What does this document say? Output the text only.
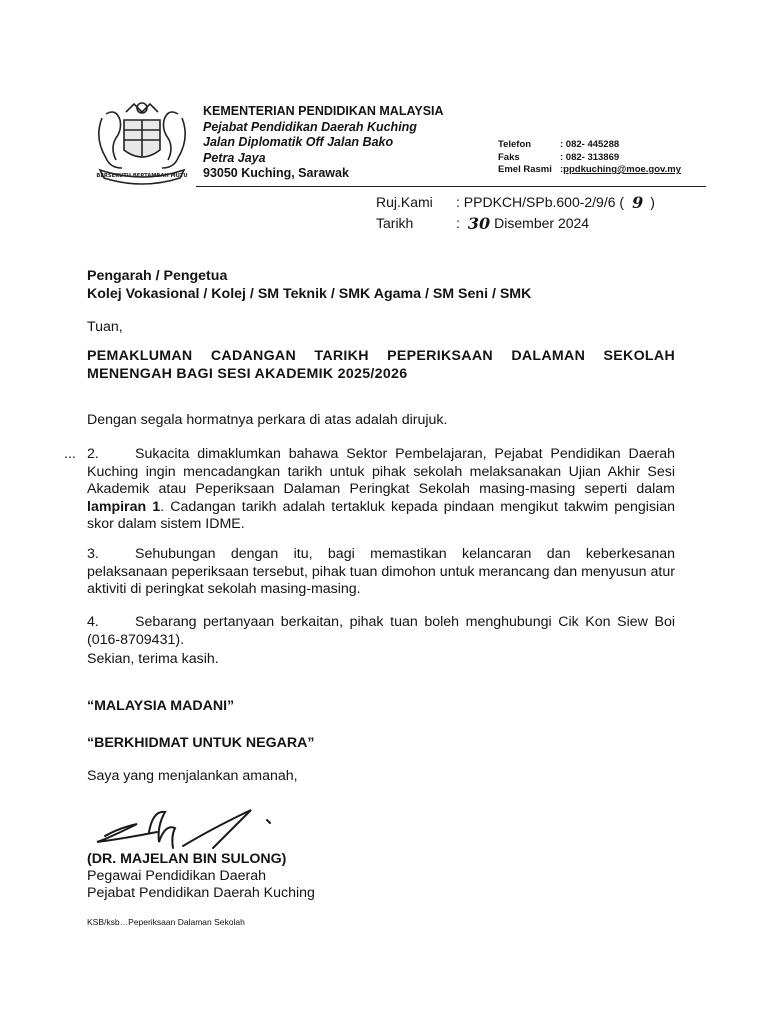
BERSEKUTU BERTAMBAH MUTU
KEMENTERIAN PENDIDIKAN MALAYSIA
Pejabat Pendidikan Daerah Kuching
Jalan Diplomatik Off Jalan Bako
Petra Jaya
93050 Kuching, Sarawak
Telefon	: 082- 445288
Faks	: 082- 313869
Emel Rasmi : ppdkuching@moe.gov.my
Ruj.Kami	: PPDKCH/SPb.600-2/9/6 ( 9 )
Tarikh	: 30 Disember 2024
Pengarah / Pengetua
Kolej Vokasional / Kolej / SM Teknik / SMK Agama / SM Seni / SMK
Tuan,
PEMAKLUMAN CADANGAN TARIKH PEPERIKSAAN DALAMAN SEKOLAH
MENENGAH BAGI SESI AKADEMIK 2025/2026

Dengan segala hormatnya perkara di atas adalah dirujuk.

... 2.	Sukacita dimaklumkan bahawa Sektor Pembelajaran, Pejabat Pendidikan Daerah Kuching ingin mencadangkan tarikh untuk pihak sekolah melaksanakan Ujian Akhir Sesi Akademik atau Peperiksaan Dalaman Peringkat Sekolah masing-masing seperti dalam lampiran 1. Cadangan tarikh adalah tertakluk kepada pindaan mengikut takwim pengisian skor dalam sistem IDME.

3.	Sehubungan dengan itu, bagi memastikan kelancaran dan keberkesanan pelaksanaan peperiksaan tersebut, pihak tuan dimohon untuk merancang dan menyusun atur aktiviti di peringkat sekolah masing-masing.

4.	Sebarang pertanyaan berkaitan, pihak tuan boleh menghubungi Cik Kon Siew Boi (016-8709431).

Sekian, terima kasih.
“MALAYSIA MADANI”
“BERKHIDMAT UNTUK NEGARA”
Saya yang menjalankan amanah,
(DR. MAJELAN BIN SULONG)
Pegawai Pendidikan Daerah
Pejabat Pendidikan Daerah Kuching
KSB/ksb…Peperiksaan Dalaman Sekolah
